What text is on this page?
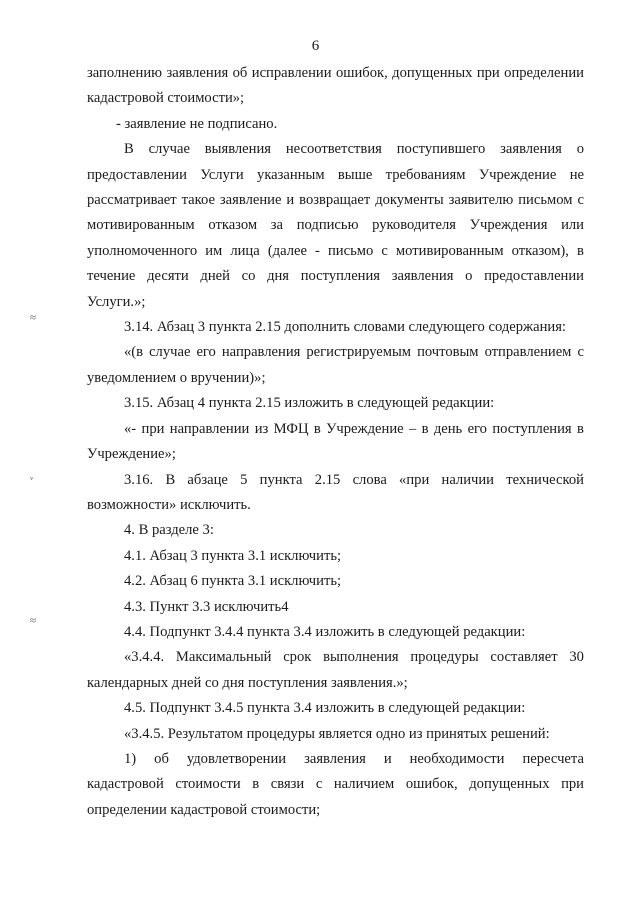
6
заполнению заявления об исправлении ошибок, допущенных при определении
кадастровой стоимости»;
- заявление не подписано.
В случае выявления несоответствия поступившего заявления о
предоставлении Услуги указанным выше требованиям Учреждение не
рассматривает такое заявление и возвращает документы заявителю письмом с
мотивированным отказом за подписью руководителя Учреждения или
уполномоченного им лица (далее - письмо с мотивированным отказом), в
течение десяти дней со дня поступления заявления о предоставлении
Услуги.»;
3.14. Абзац 3 пункта 2.15 дополнить словами следующего содержания:
«(в случае его направления регистрируемым почтовым отправлением с
уведомлением о вручении)»;
3.15. Абзац 4 пункта 2.15 изложить в следующей редакции:
«- при направлении из МФЦ в Учреждение – в день его поступления в
Учреждение»;
3.16. В абзаце 5 пункта 2.15 слова «при наличии технической
возможности» исключить.
4. В разделе 3:
4.1. Абзац 3 пункта 3.1 исключить;
4.2. Абзац 6 пункта 3.1 исключить;
4.3. Пункт 3.3 исключить4
4.4. Подпункт 3.4.4 пункта 3.4 изложить в следующей редакции:
«3.4.4. Максимальный срок выполнения процедуры составляет 30
календарных дней со дня поступления заявления.»;
4.5. Подпункт 3.4.5 пункта 3.4 изложить в следующей редакции:
«3.4.5. Результатом процедуры является одно из принятых решений:
1) об удовлетворении заявления и необходимости пересчета
кадастровой стоимости в связи с наличием ошибок, допущенных при
определении кадастровой стоимости;
≈
ᵥ
≈
